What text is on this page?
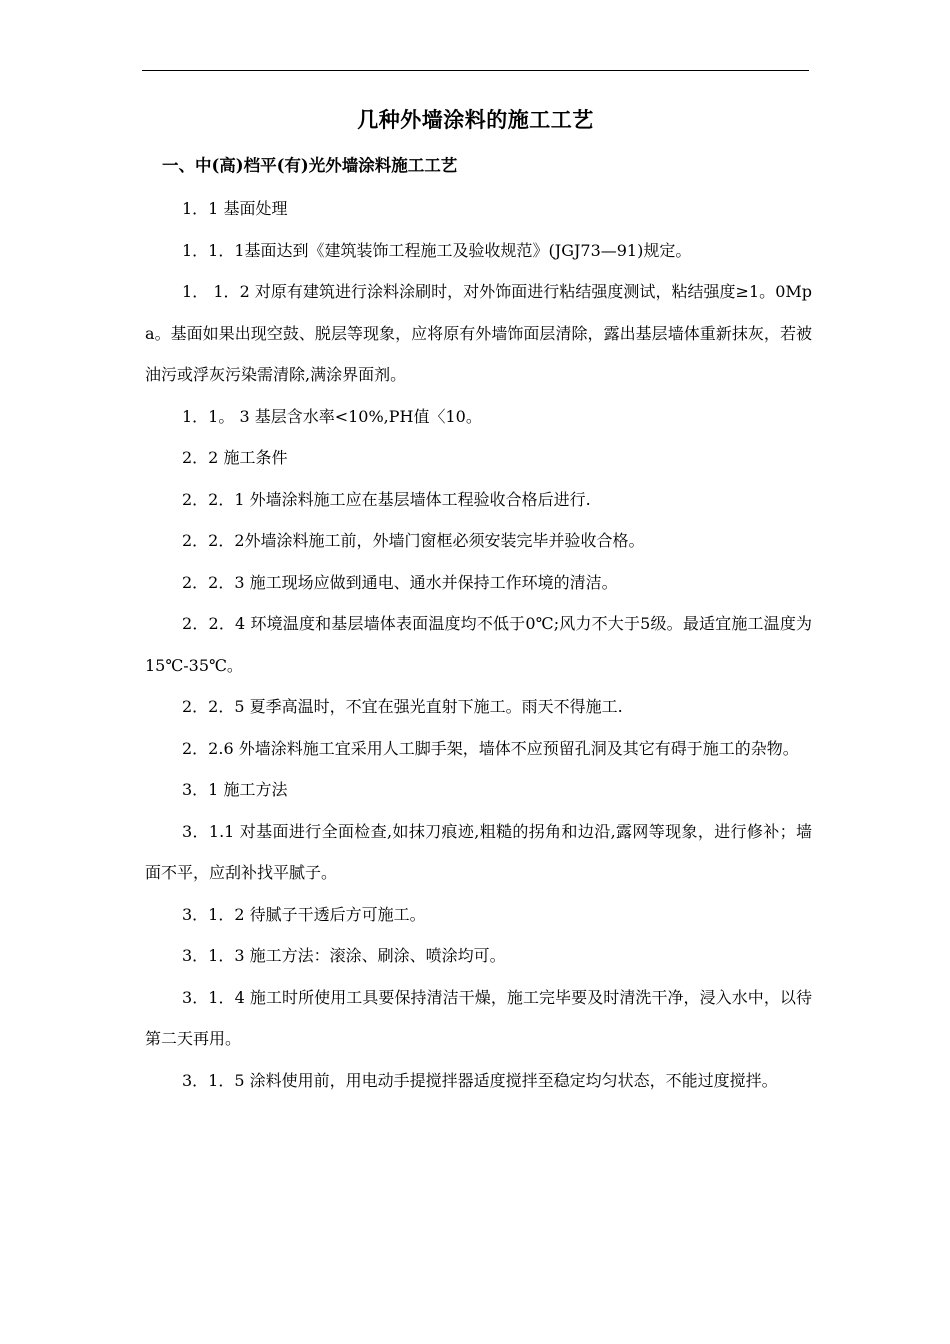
几种外墙涂料的施工工艺
一、中(高)档平(有)光外墙涂料施工工艺

1．1 基面处理

1．1．1基面达到《建筑装饰工程施工及验收规范》(JGJ73—91)规定。

1． 1．2 对原有建筑进行涂料涂刷时，对外饰面进行粘结强度测试，粘结强度≥1。0Mpa。基面如果出现空鼓、脱层等现象，应将原有外墙饰面层清除，露出基层墙体重新抹灰，若被油污或浮灰污染需清除,满涂界面剂。

1．1。 3 基层含水率<10%,PH值〈10。

2．2 施工条件

2．2．1 外墙涂料施工应在基层墙体工程验收合格后进行.

2．2．2外墙涂料施工前，外墙门窗框必须安装完毕并验收合格。

2．2．3 施工现场应做到通电、通水并保持工作环境的清洁。

2．2．4 环境温度和基层墙体表面温度均不低于0℃;风力不大于5级。最适宜施工温度为15℃-35℃。

2．2．5 夏季高温时，不宜在强光直射下施工。雨天不得施工.

2．2.6 外墙涂料施工宜采用人工脚手架，墙体不应预留孔洞及其它有碍于施工的杂物。

3．1 施工方法

3．1.1 对基面进行全面检查,如抹刀痕迹,粗糙的拐角和边沿,露网等现象，进行修补；墙面不平，应刮补找平腻子。

3．1．2 待腻子干透后方可施工。

3．1．3 施工方法：滚涂、刷涂、喷涂均可。

3．1．4 施工时所使用工具要保持清洁干燥，施工完毕要及时清洗干净，浸入水中，以待第二天再用。

3．1．5 涂料使用前，用电动手提搅拌器适度搅拌至稳定均匀状态，不能过度搅拌。
